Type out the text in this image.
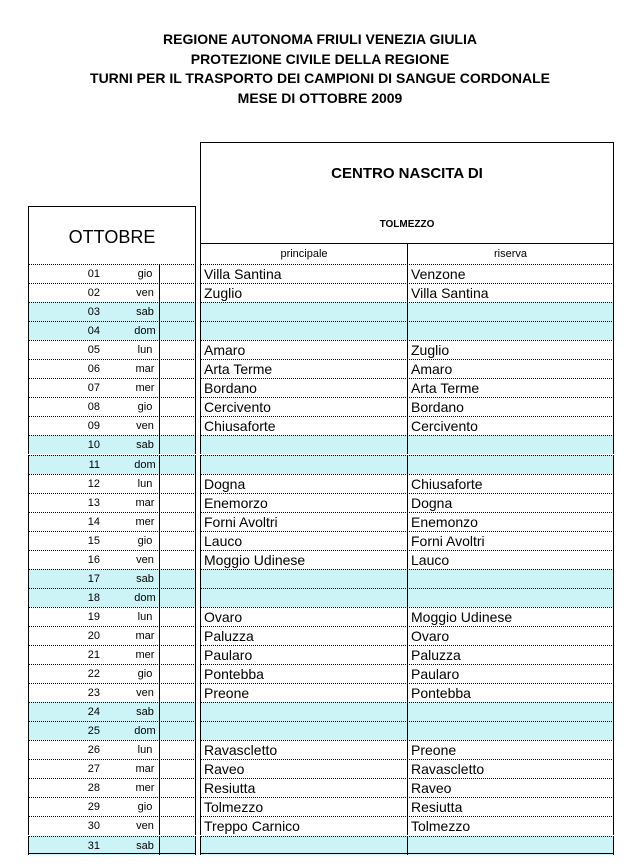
REGIONE AUTONOMA FRIULI VENEZIA GIULIA
PROTEZIONE CIVILE DELLA REGIONE
TURNI PER IL TRASPORTO DEI CAMPIONI DI SANGUE CORDONALE
MESE DI OTTOBRE 2009
OTTOBRE
CENTRO NASCITA DI
TOLMEZZO
principale	riserva
01	gio	Villa Santina	Venzone
02	ven	Zuglio	Villa Santina
03	sab
04	dom
05	lun	Amaro	Zuglio
06	mar	Arta Terme	Amaro
07	mer	Bordano	Arta Terme
08	gio	Cercivento	Bordano
09	ven	Chiusaforte	Cercivento
10	sab
11	dom
12	lun	Dogna	Chiusaforte
13	mar	Enemorzo	Dogna
14	mer	Forni Avoltri	Enemonzo
15	gio	Lauco	Forni Avoltri
16	ven	Moggio Udinese	Lauco
17	sab
18	dom
19	lun	Ovaro	Moggio Udinese
20	mar	Paluzza	Ovaro
21	mer	Paularo	Paluzza
22	gio	Pontebba	Paularo
23	ven	Preone	Pontebba
24	sab
25	dom
26	lun	Ravascletto	Preone
27	mar	Raveo	Ravascletto
28	mer	Resiutta	Raveo
29	gio	Tolmezzo	Resiutta
30	ven	Treppo Carnico	Tolmezzo
31	sab
